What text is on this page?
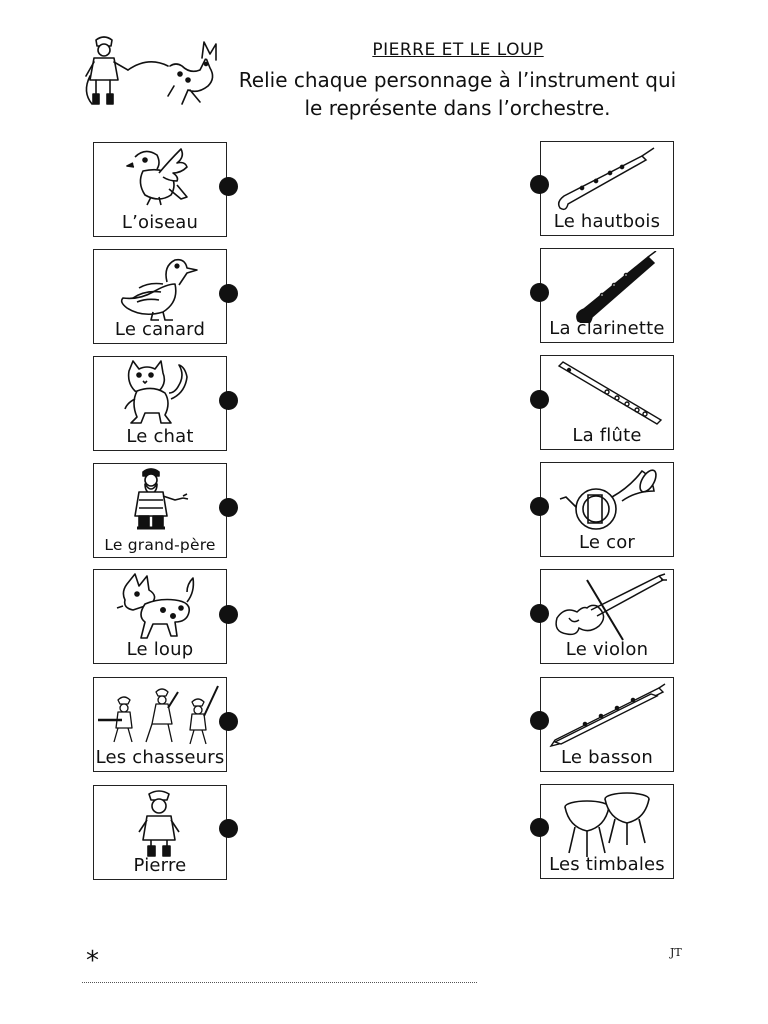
PIERRE ET LE LOUP
Relie chaque personnage à l’instrument qui
le représente dans l’orchestre.
L’oiseau
Le canard
Le chat
Le grand-père
Le loup
Les chasseurs
Pierre
Le hautbois
La clarinette
La flûte
Le cor
Le violon
Le basson
Les timbales
*	JT
